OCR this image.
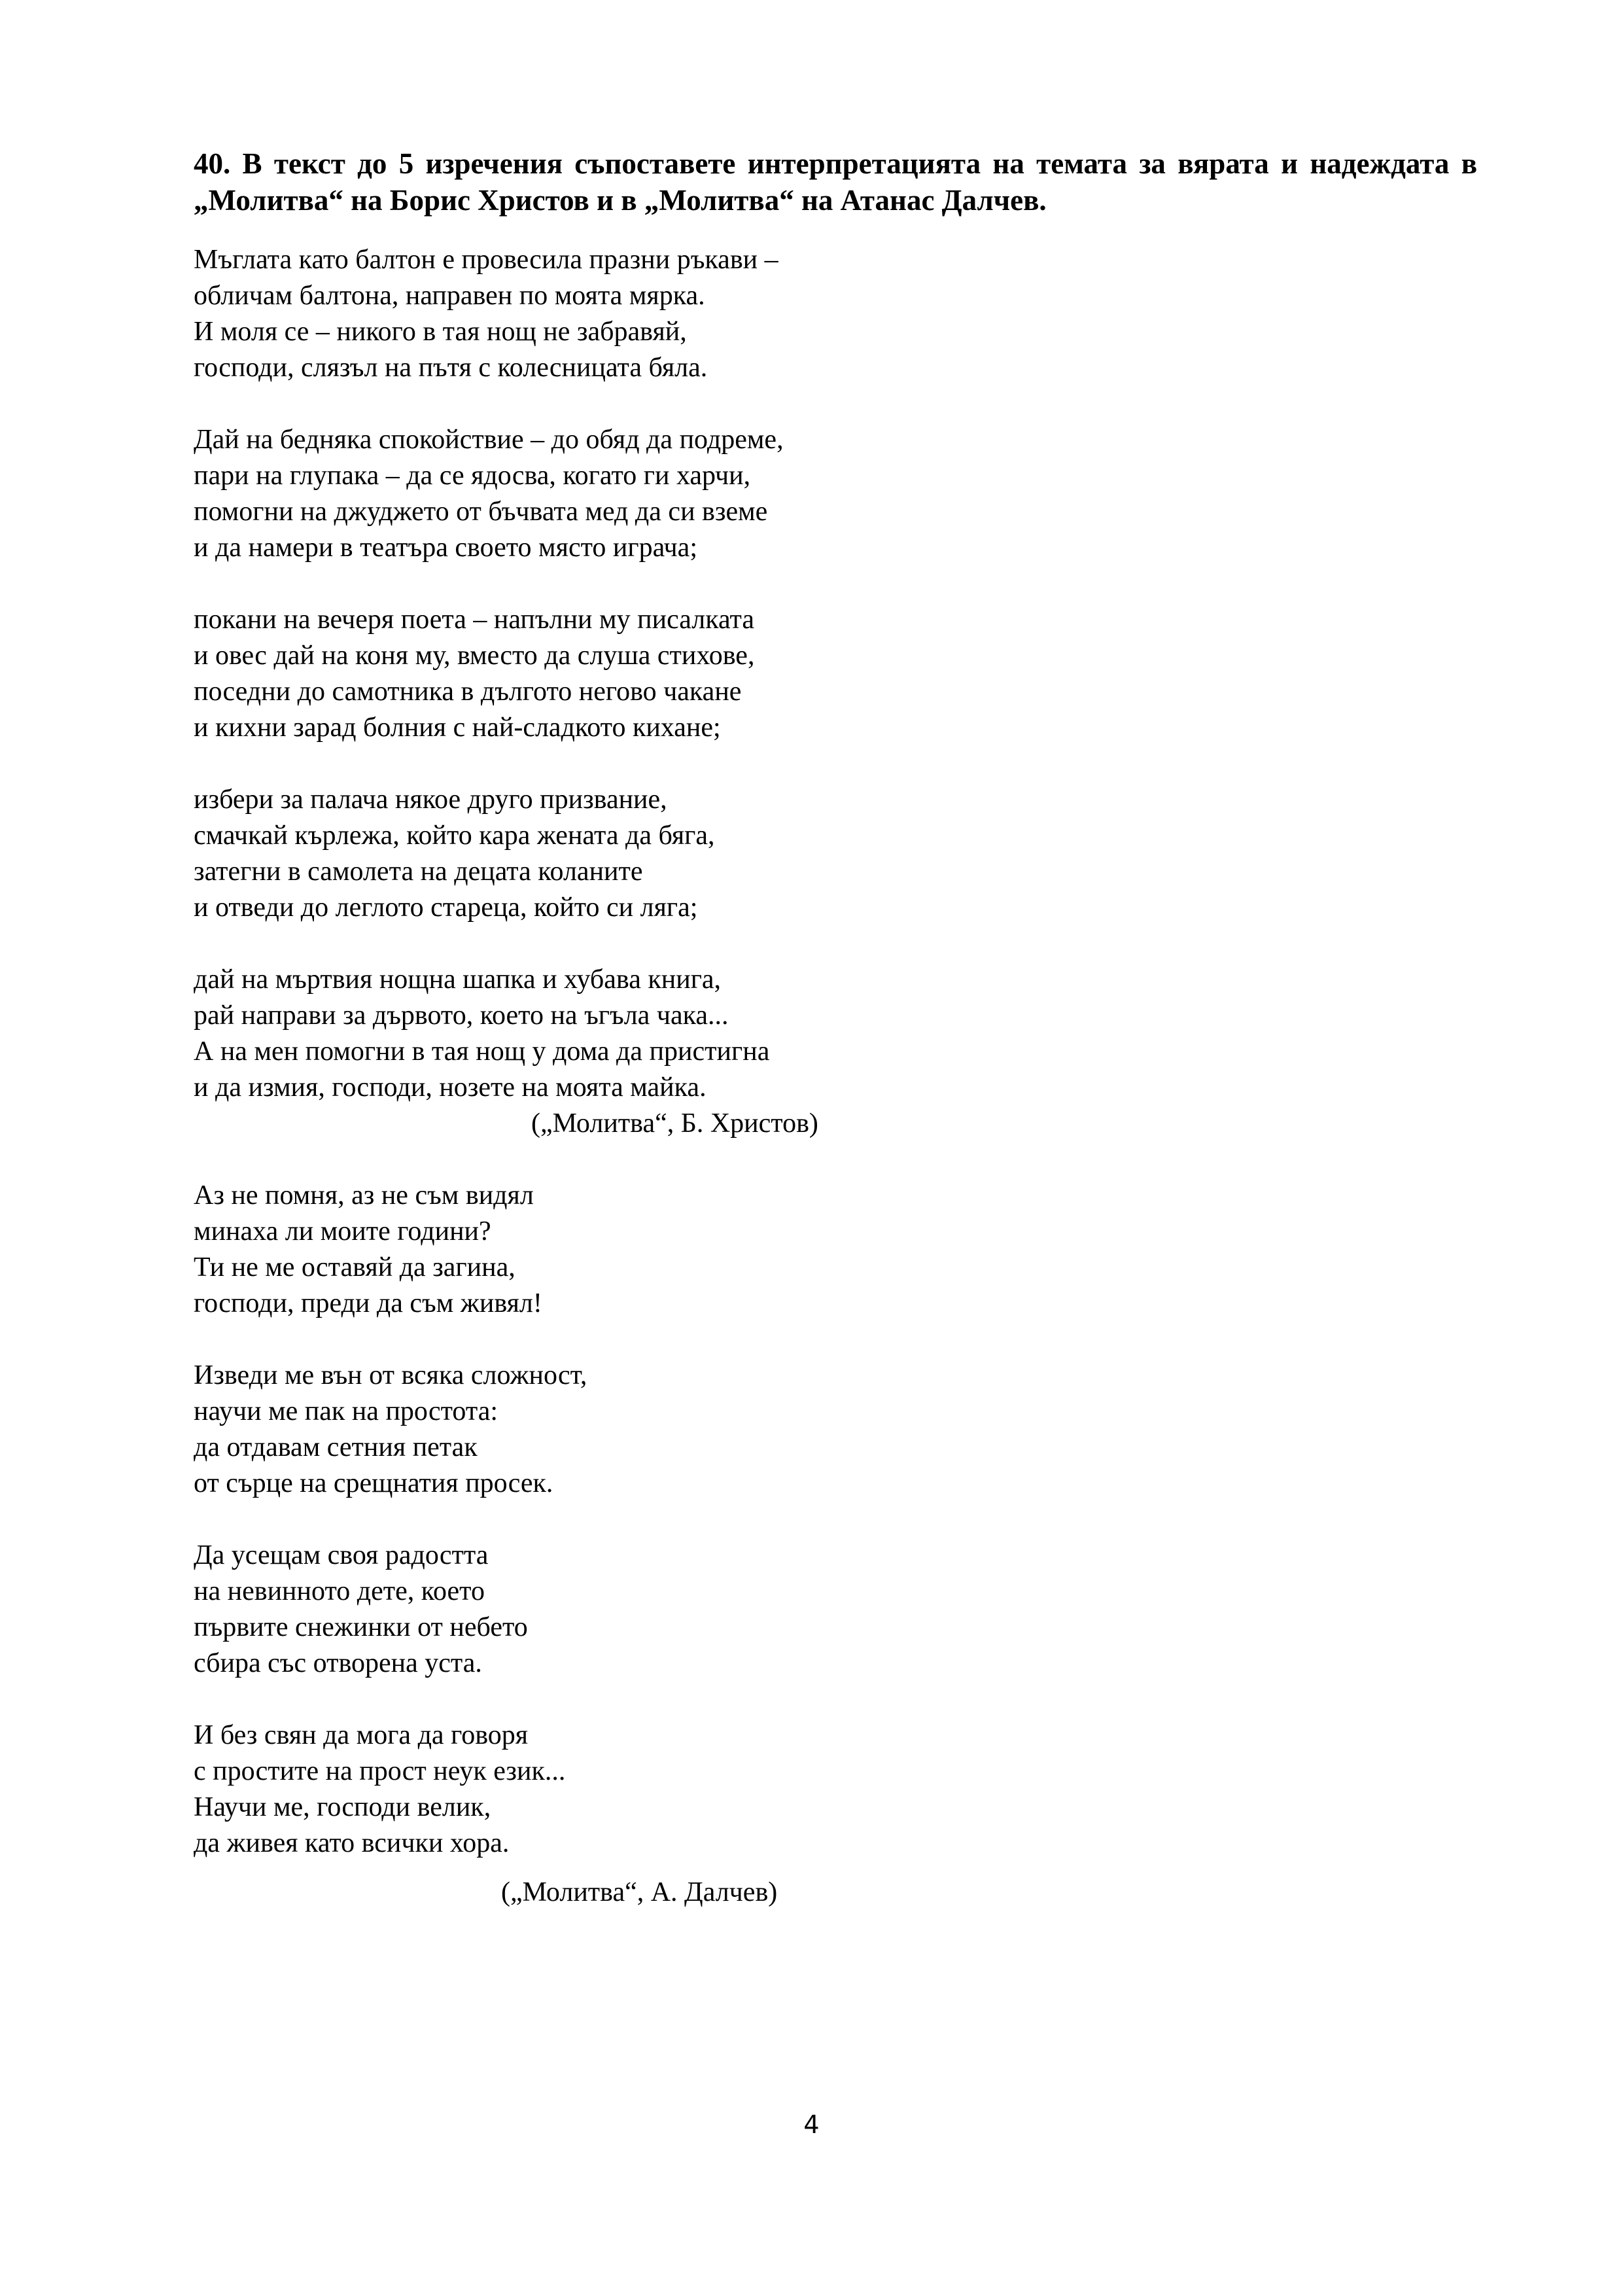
40. В текст до 5 изречения съпоставете интерпретацията на темата за вярата и надеждата в „Молитва“ на Борис Христов и в „Молитва“ на Атанас Далчев.
Мъглата като балтон е провесила празни ръкави –
обличам балтона, направен по моята мярка.
И моля се – никого в тая нощ не забравяй,
господи, слязъл на пътя с колесницата бяла.
Дай на бедняка спокойствие – до обяд да подреме,
пари на глупака – да се ядосва, когато ги харчи,
помогни на джуджето от бъчвата мед да си вземе
и да намери в театъра своето място играча;
покани на вечеря поета – напълни му писалката
и овес дай на коня му, вместо да слуша стихове,
поседни до самотника в дългото негово чакане
и кихни зарад болния с най-сладкото кихане;
избери за палача някое друго призвание,
смачкай кърлежа, който кара жената да бяга,
затегни в самолета на децата коланите
и отведи до леглото стареца, който си ляга;
дай на мъртвия нощна шапка и хубава книга,
рай направи за дървото, което на ъгъла чака...
А на мен помогни в тая нощ у дома да пристигна
и да измия, господи, нозете на моята майка.
(„Молитва“, Б. Христов)
Аз не помня, аз не съм видял
минаха ли моите години?
Ти не ме оставяй да загина,
господи, преди да съм живял!
Изведи ме вън от всяка сложност,
научи ме пак на простота:
да отдавам сетния петак
от сърце на срещнатия просек.
Да усещам своя радостта
на невинното дете, което
първите снежинки от небето
сбира със отворена уста.
И без свян да мога да говоря
с простите на прост неук език...
Научи ме, господи велик,
да живея като всички хора.
(„Молитва“, А. Далчев)
4
